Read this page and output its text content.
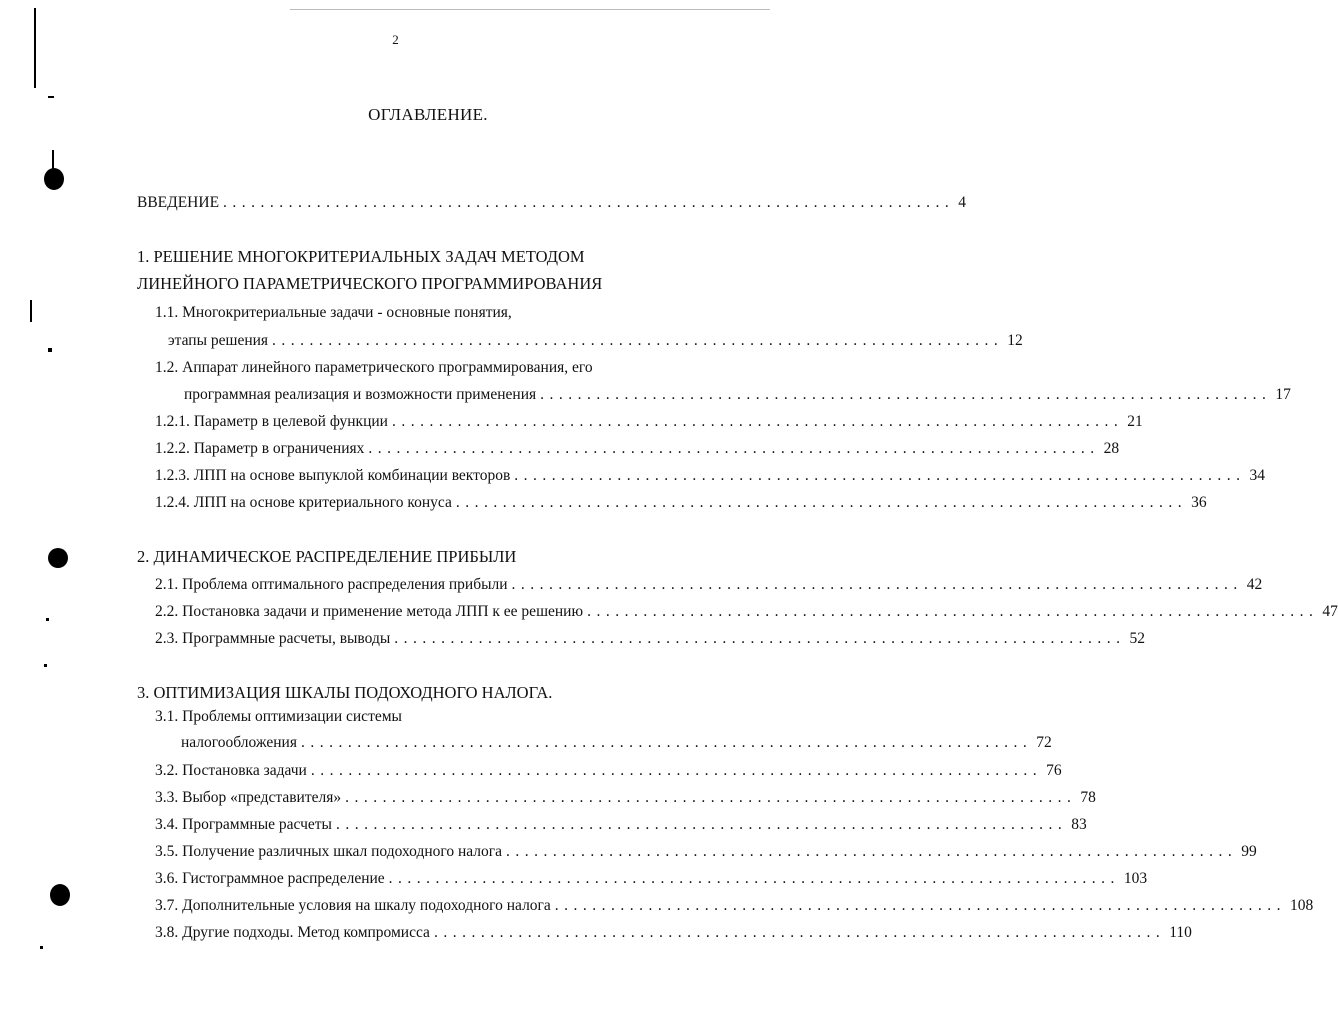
2
ОГЛАВЛЕНИЕ.
ВВЕДЕНИЕ .............................................................................. 4
1. РЕШЕНИЕ МНОГОКРИТЕРИАЛЬНЫХ ЗАДАЧ МЕТОДОМ
ЛИНЕЙНОГО ПАРАМЕТРИЧЕСКОГО ПРОГРАММИРОВАНИЯ
1.1. Многокритериальные задачи - основные понятия,
этапы решения .............................................................................. 12
1.2. Аппарат линейного параметрического программирования, его
программная реализация и возможности применения .............................................................................. 17
1.2.1. Параметр в целевой функции .............................................................................. 21
1.2.2. Параметр в ограничениях .............................................................................. 28
1.2.3. ЛПП на основе выпуклой комбинации векторов .............................................................................. 34
1.2.4. ЛПП на основе критериального конуса .............................................................................. 36
2. ДИНАМИЧЕСКОЕ РАСПРЕДЕЛЕНИЕ ПРИБЫЛИ
2.1. Проблема оптимального распределения прибыли .............................................................................. 42
2.2. Постановка задачи и применение метода ЛПП к ее решению .............................................................................. 47
2.3. Программные расчеты, выводы .............................................................................. 52
3. ОПТИМИЗАЦИЯ ШКАЛЫ ПОДОХОДНОГО НАЛОГА.
3.1. Проблемы оптимизации системы
налогообложения .............................................................................. 72
3.2. Постановка задачи .............................................................................. 76
3.3. Выбор «представителя» .............................................................................. 78
3.4. Программные расчеты .............................................................................. 83
3.5. Получение различных шкал подоходного налога .............................................................................. 99
3.6. Гистограммное распределение .............................................................................. 103
3.7. Дополнительные условия на шкалу подоходного налога .............................................................................. 108
3.8. Другие подходы. Метод компромисса .............................................................................. 110
